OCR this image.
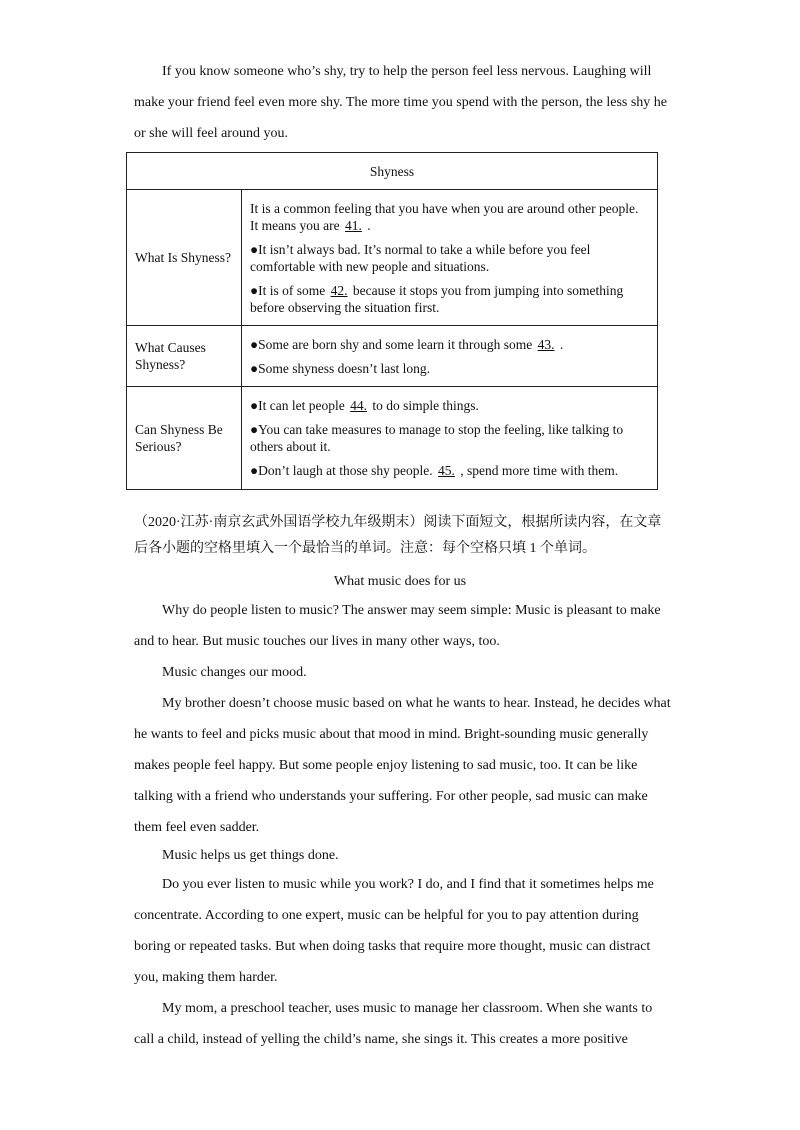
If you know someone who’s shy, try to help the person feel less nervous. Laughing will make your friend feel even more shy. The more time you spend with the person, the less shy he or she will feel around you.

Shyness	
What Is Shyness?	It is a common feeling that you have when you are around other people. It means you are 41. .

●It isn’t always bad. It’s normal to take a while before you feel comfortable with new people and situations.

●It is of some 42. because it stops you from jumping into something before observing the situation first.

What Causes Shyness?	●Some are born shy and some learn it through some 43. .

●Some shyness doesn’t last long.

Can Shyness Be Serious?	●It can let people 44. to do simple things.

●You can take measures to manage to stop the feeling, like talking to others about it.

●Don’t laugh at those shy people. 45. , spend more time with them.

（2020·江苏·南京玄武外国语学校九年级期末）阅读下面短文，根据所读内容，在文章后各小题的空格里填入一个最恰当的单词。注意：每个空格只填 1 个单词。

What music does for us

Why do people listen to music? The answer may seem simple: Music is pleasant to make and to hear. But music touches our lives in many other ways, too.

Music changes our mood.

My brother doesn’t choose music based on what he wants to hear. Instead, he decides what he wants to feel and picks music about that mood in mind. Bright-sounding music generally makes people feel happy. But some people enjoy listening to sad music, too. It can be like talking with a friend who understands your suffering. For other people, sad music can make them feel even sadder.

Music helps us get things done.

Do you ever listen to music while you work? I do, and I find that it sometimes helps me concentrate. According to one expert, music can be helpful for you to pay attention during boring or repeated tasks. But when doing tasks that require more thought, music can distract you, making them harder.

My mom, a preschool teacher, uses music to manage her classroom. When she wants to call a child, instead of yelling the child’s name, she sings it. This creates a more positive
